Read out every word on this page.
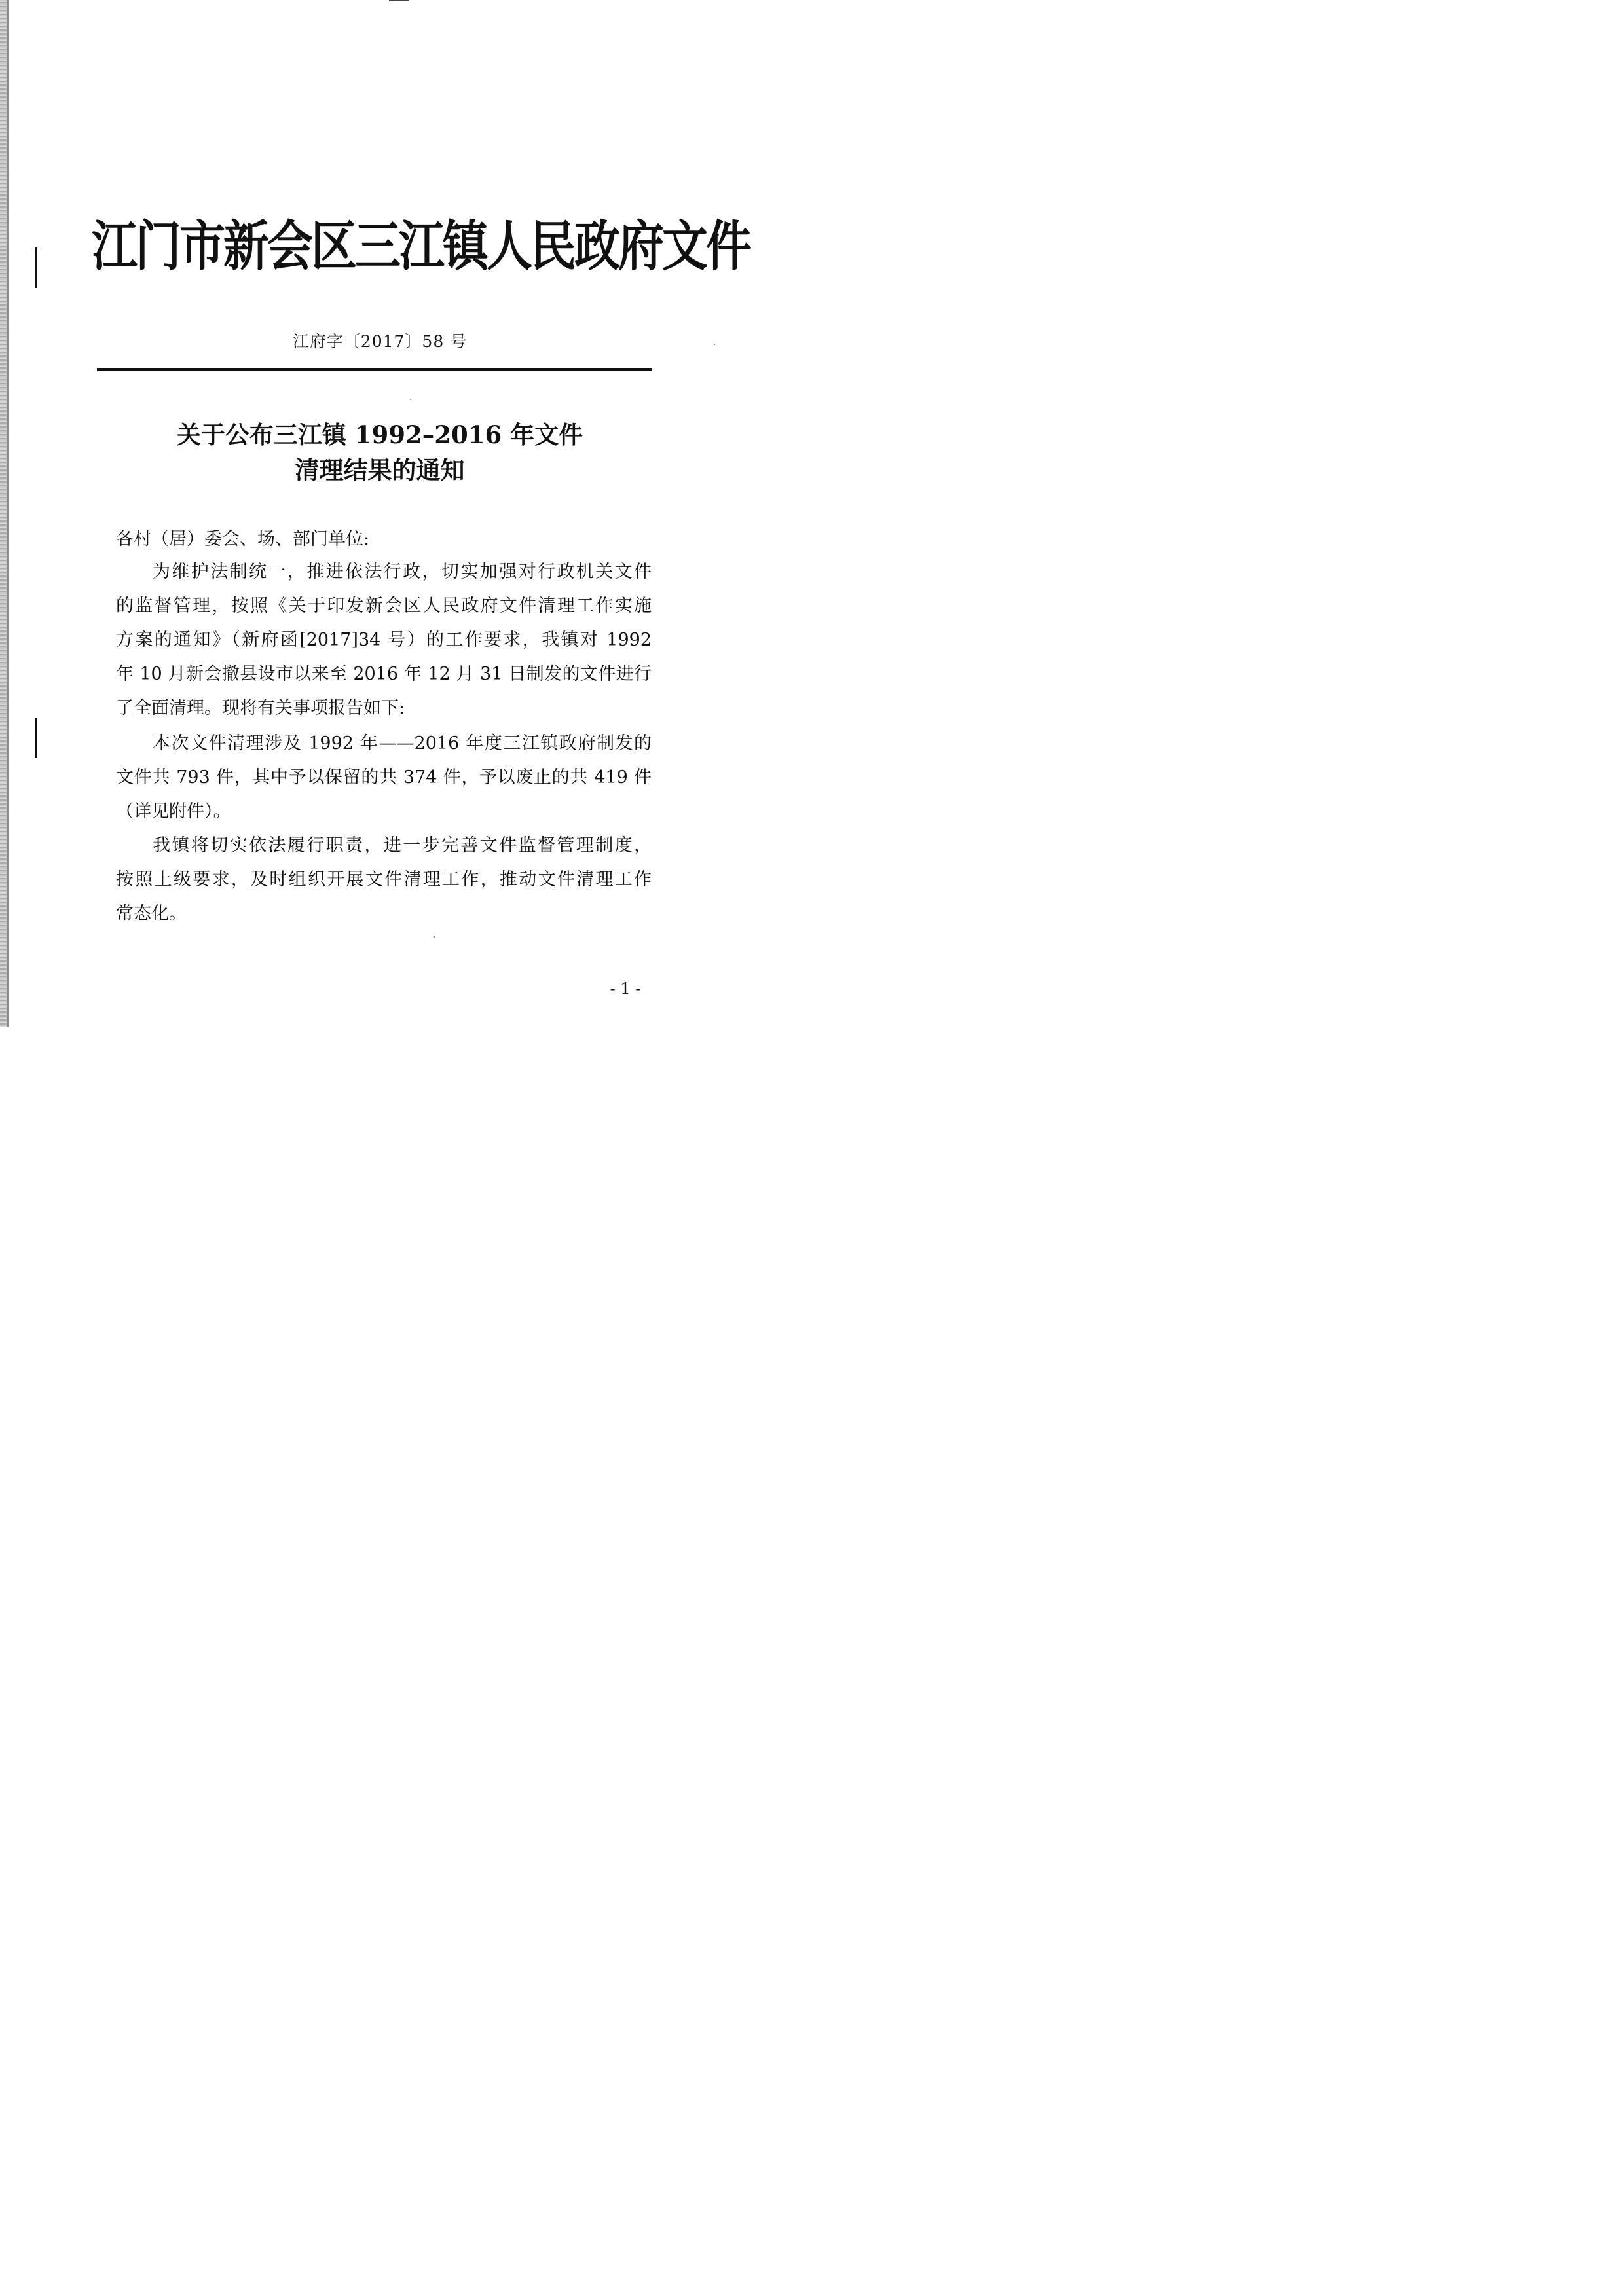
江门市新会区三江镇人民政府文件
江府字〔2017〕58 号
关于公布三江镇 1992–2016 年文件
清理结果的通知
各村（居）委会、场、部门单位:
为维护法制统一，推进依法行政，切实加强对行政机关文件
的监督管理，按照《关于印发新会区人民政府文件清理工作实施
方案的通知》（新府函[2017]34 号）的工作要求，我镇对 1992
年 10 月新会撤县设市以来至 2016 年 12 月 31 日制发的文件进行
了全面清理。现将有关事项报告如下:
本次文件清理涉及 1992 年——2016 年度三江镇政府制发的
文件共 793 件，其中予以保留的共 374 件，予以废止的共 419 件
（详见附件）。
我镇将切实依法履行职责，进一步完善文件监督管理制度，
按照上级要求，及时组织开展文件清理工作，推动文件清理工作
常态化。
- 1 -
